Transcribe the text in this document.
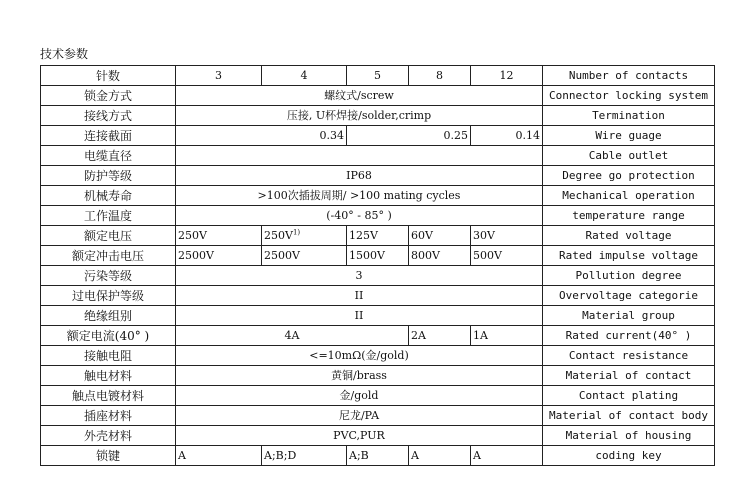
技术参数
针数	3	4	5	8	12	Number of contacts
锁金方式	螺纹式/screw					Connector locking system
接线方式	压接, U杯焊接/solder,crimp					Termination
连接截面	0.34		0.25		0.14	Wire guage
电缆直径						Cable outlet
防护等级	IP68					Degree go protection
机械寿命	>100次插拔周期/ >100 mating cycles					Mechanical operation
工作温度	(-40° - 85° )					temperature range
额定电压	250V	$250V^{1)}$	125V	60V	30V	Rated voltage
额定冲击电压	2500V	2500V	1500V	800V	500V	Rated impulse voltage
污染等级	3					Pollution degree
过电保护等级	II					Overvoltage categorie
绝缘组别	II					Material group
额定电流(40° )	4A			2A	1A	Rated current(40° )
接触电阻	<=10mΩ(金/gold)					Contact resistance
触电材料	黄铜/brass					Material of contact
触点电镀材料	金/gold					Contact plating
插座材料	尼龙/PA					Material of contact body
外壳材料	PVC,PUR					Material of housing
锁键	A	A;B;D	A;B	A	A	coding key
